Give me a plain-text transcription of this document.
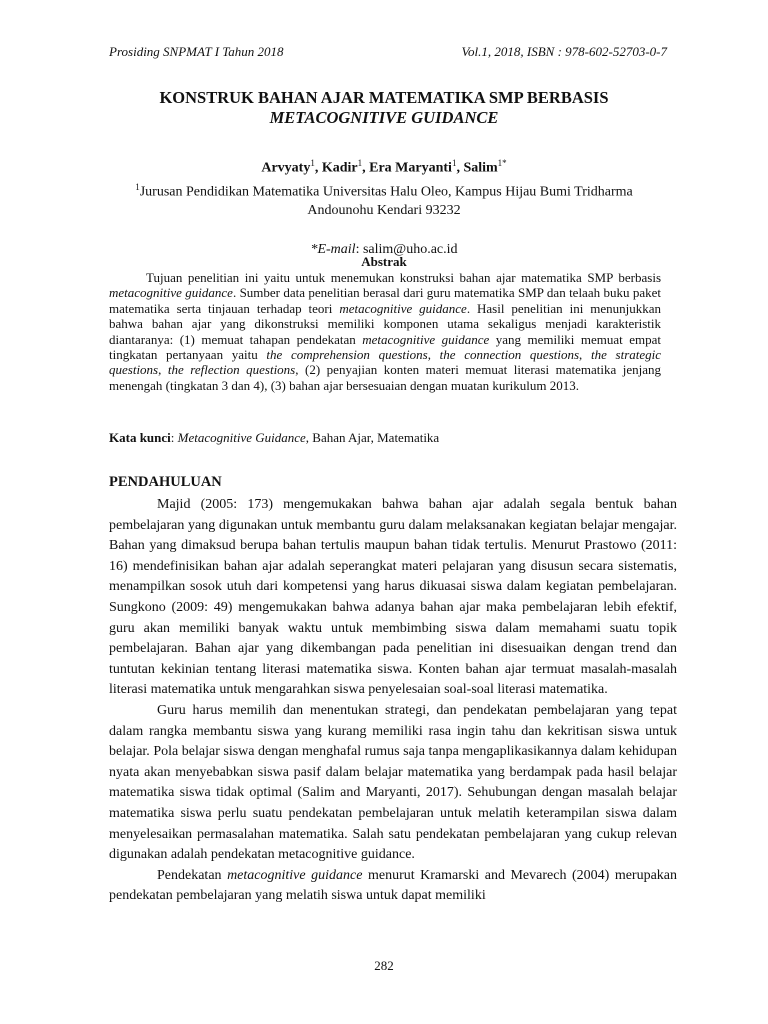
Prosiding SNPMAT I Tahun 2018	Vol.1, 2018, ISBN : 978-602-52703-0-7
KONSTRUK BAHAN AJAR MATEMATIKA SMP BERBASIS
METACOGNITIVE GUIDANCE
Arvyaty$^1$, Kadir$^1$, Era Maryanti$^1$, Salim$^{1*}$
$^1$Jurusan Pendidikan Matematika Universitas Halu Oleo, Kampus Hijau Bumi Tridharma
Andounohu Kendari 93232
*E-mail: salim@uho.ac.id
Abstrak

Tujuan penelitian ini yaitu untuk menemukan konstruksi bahan ajar matematika SMP berbasis metacognitive guidance. Sumber data penelitian berasal dari guru matematika SMP dan telaah buku paket matematika serta tinjauan terhadap teori metacognitive guidance. Hasil penelitian ini menunjukkan bahwa bahan ajar yang dikonstruksi memiliki komponen utama sekaligus menjadi karakteristik diantaranya: (1) memuat tahapan pendekatan metacognitive guidance yang memiliki memuat empat tingkatan pertanyaan yaitu the comprehension questions, the connection questions, the strategic questions, the reflection questions, (2) penyajian konten materi memuat literasi matematika jenjang menengah (tingkatan 3 dan 4), (3) bahan ajar bersesuaian dengan muatan kurikulum 2013.

Kata kunci: Metacognitive Guidance, Bahan Ajar, Matematika
PENDAHULUAN

Majid (2005: 173) mengemukakan bahwa bahan ajar adalah segala bentuk bahan pembelajaran yang digunakan untuk membantu guru dalam melaksanakan kegiatan belajar mengajar. Bahan yang dimaksud berupa bahan tertulis maupun bahan tidak tertulis. Menurut Prastowo (2011: 16) mendefinisikan bahan ajar adalah seperangkat materi pelajaran yang disusun secara sistematis, menampilkan sosok utuh dari kompetensi yang harus dikuasai siswa dalam kegiatan pembelajaran. Sungkono (2009: 49) mengemukakan bahwa adanya bahan ajar maka pembelajaran lebih efektif, guru akan memiliki banyak waktu untuk membimbing siswa dalam memahami suatu topik pembelajaran. Bahan ajar yang dikembangan pada penelitian ini disesuaikan dengan trend dan tuntutan kekinian tentang literasi matematika siswa. Konten bahan ajar termuat masalah-masalah literasi matematika untuk mengarahkan siswa penyelesaian soal-soal literasi matematika.

Guru harus memilih dan menentukan strategi, dan pendekatan pembelajaran yang tepat dalam rangka membantu siswa yang kurang memiliki rasa ingin tahu dan kekritisan siswa untuk belajar. Pola belajar siswa dengan menghafal rumus saja tanpa mengaplikasikannya dalam kehidupan nyata akan menyebabkan siswa pasif dalam belajar matematika yang berdampak pada hasil belajar matematika siswa tidak optimal (Salim and Maryanti, 2017). Sehubungan dengan masalah belajar matematika siswa perlu suatu pendekatan pembelajaran untuk melatih keterampilan siswa dalam menyelesaikan permasalahan matematika. Salah satu pendekatan pembelajaran yang cukup relevan digunakan adalah pendekatan metacognitive guidance.

Pendekatan metacognitive guidance menurut Kramarski and Mevarech (2004) merupakan pendekatan pembelajaran yang melatih siswa untuk dapat memiliki

282
